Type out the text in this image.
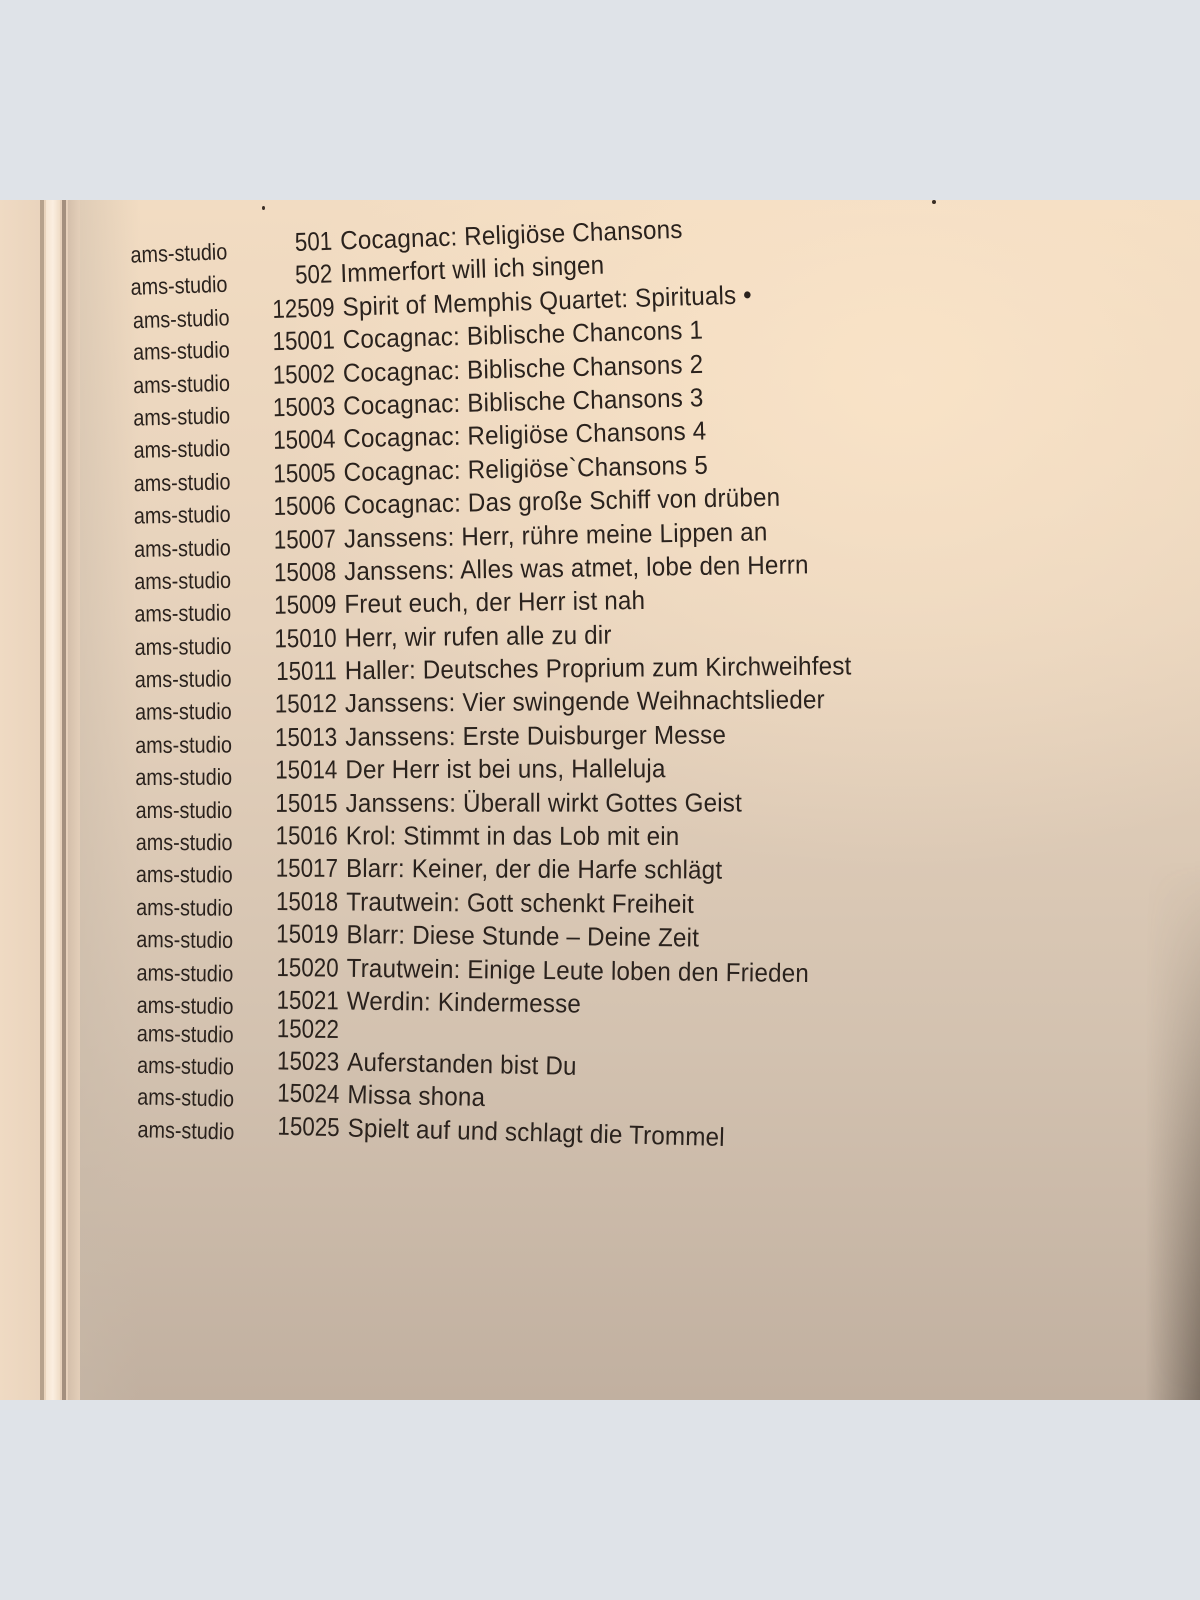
ams-studio	501 Cocagnac: Religiöse Chansons
ams-studio	502 Immerfort will ich singen
ams-studio	12509 Spirit of Memphis Quartet: Spirituals •
ams-studio	15001 Cocagnac: Biblische Chancons 1
ams-studio	15002 Cocagnac: Biblische Chansons 2
ams-studio	15003 Cocagnac: Biblische Chansons 3
ams-studio	15004 Cocagnac: Religiöse Chansons 4
ams-studio	15005 Cocagnac: Religiöse`Chansons 5
ams-studio	15006 Cocagnac: Das große Schiff von drüben
ams-studio	15007 Janssens: Herr, rühre meine Lippen an
ams-studio	15008 Janssens: Alles was atmet, lobe den Herrn
ams-studio	15009 Freut euch, der Herr ist nah
ams-studio	15010 Herr, wir rufen alle zu dir
ams-studio	15011 Haller: Deutsches Proprium zum Kirchweihfest
ams-studio	15012 Janssens: Vier swingende Weihnachtslieder
ams-studio	15013 Janssens: Erste Duisburger Messe
ams-studio	15014 Der Herr ist bei uns, Halleluja
ams-studio	15015 Janssens: Überall wirkt Gottes Geist
ams-studio	15016 Krol: Stimmt in das Lob mit ein
ams-studio	15017 Blarr: Keiner, der die Harfe schlägt
ams-studio	15018 Trautwein: Gott schenkt Freiheit
ams-studio	15019 Blarr: Diese Stunde – Deine Zeit
ams-studio	15020 Trautwein: Einige Leute loben den Frieden
ams-studio	15021 Werdin: Kindermesse
ams-studio	15022
ams-studio	15023 Auferstanden bist Du
ams-studio	15024 Missa shona
ams-studio	15025 Spielt auf und schlagt die Trommel
